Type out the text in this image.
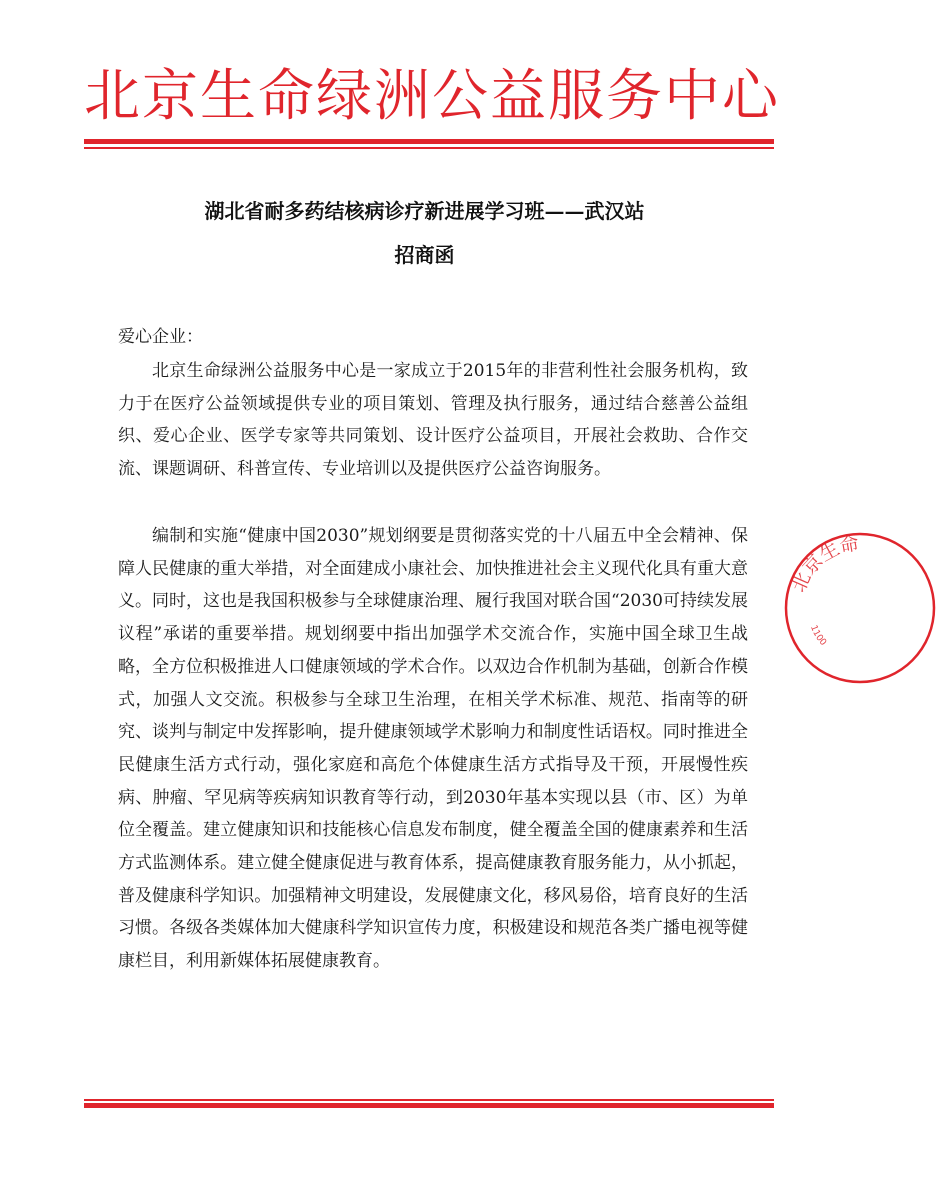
北京生命绿洲公益服务中心
湖北省耐多药结核病诊疗新进展学习班——武汉站
招商函
爱心企业：

北京生命绿洲公益服务中心是一家成立于2015年的非营利性社会服务机构，致力于在医疗公益领域提供专业的项目策划、管理及执行服务，通过结合慈善公益组织、爱心企业、医学专家等共同策划、设计医疗公益项目，开展社会救助、合作交流、课题调研、科普宣传、专业培训以及提供医疗公益咨询服务。

编制和实施“健康中国2030”规划纲要是贯彻落实党的十八届五中全会精神、保障人民健康的重大举措，对全面建成小康社会、加快推进社会主义现代化具有重大意义。同时，这也是我国积极参与全球健康治理、履行我国对联合国“2030可持续发展议程”承诺的重要举措。规划纲要中指出加强学术交流合作，实施中国全球卫生战略，全方位积极推进人口健康领域的学术合作。以双边合作机制为基础，创新合作模式，加强人文交流。积极参与全球卫生治理，在相关学术标准、规范、指南等的研究、谈判与制定中发挥影响，提升健康领域学术影响力和制度性话语权。同时推进全民健康生活方式行动，强化家庭和高危个体健康生活方式指导及干预，开展慢性疾病、肿瘤、罕见病等疾病知识教育等行动，到2030年基本实现以县（市、区）为单位全覆盖。建立健康知识和技能核心信息发布制度，健全覆盖全国的健康素养和生活方式监测体系。建立健全健康促进与教育体系，提高健康教育服务能力，从小抓起，普及健康科学知识。加强精神文明建设，发展健康文化，移风易俗，培育良好的生活习惯。各级各类媒体加大健康科学知识宣传力度，积极建设和规范各类广播电视等健康栏目，利用新媒体拓展健康教育。

北京生命
1100
